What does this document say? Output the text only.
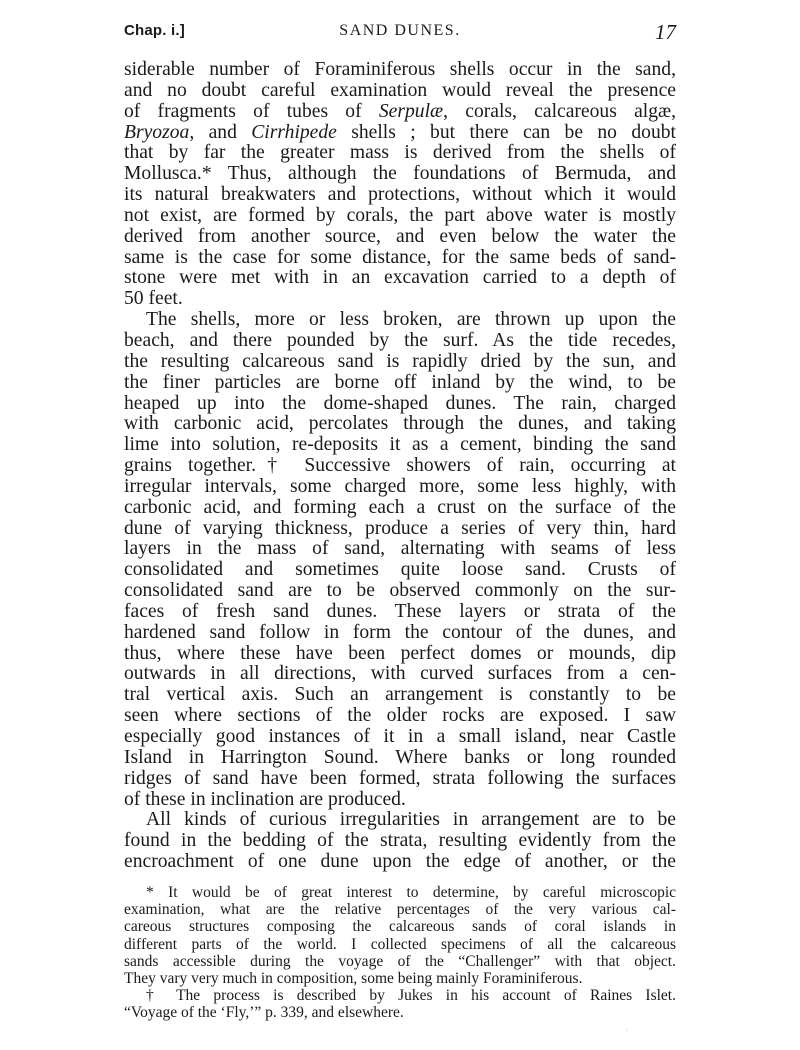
Chap. i.]	SAND DUNES.	17
siderable number of Foraminiferous shells occur in the sand,
and no doubt careful examination would reveal the presence
of fragments of tubes of Serpulæ, corals, calcareous algæ,
Bryozoa, and Cirrhipede shells ; but there can be no doubt
that by far the greater mass is derived from the shells of
Mollusca.* Thus, although the foundations of Bermuda, and
its natural breakwaters and protections, without which it would
not exist, are formed by corals, the part above water is mostly
derived from another source, and even below the water the
same is the case for some distance, for the same beds of sand-
stone were met with in an excavation carried to a depth of
50 feet.
The shells, more or less broken, are thrown up upon the
beach, and there pounded by the surf. As the tide recedes,
the resulting calcareous sand is rapidly dried by the sun, and
the finer particles are borne off inland by the wind, to be
heaped up into the dome-shaped dunes. The rain, charged
with carbonic acid, percolates through the dunes, and taking
lime into solution, re-deposits it as a cement, binding the sand
grains together.† Successive showers of rain, occurring at
irregular intervals, some charged more, some less highly, with
carbonic acid, and forming each a crust on the surface of the
dune of varying thickness, produce a series of very thin, hard
layers in the mass of sand, alternating with seams of less
consolidated and sometimes quite loose sand. Crusts of
consolidated sand are to be observed commonly on the sur-
faces of fresh sand dunes. These layers or strata of the
hardened sand follow in form the contour of the dunes, and
thus, where these have been perfect domes or mounds, dip
outwards in all directions, with curved surfaces from a cen-
tral vertical axis. Such an arrangement is constantly to be
seen where sections of the older rocks are exposed. I saw
especially good instances of it in a small island, near Castle
Island in Harrington Sound. Where banks or long rounded
ridges of sand have been formed, strata following the surfaces
of these in inclination are produced.
All kinds of curious irregularities in arrangement are to be
found in the bedding of the strata, resulting evidently from the
encroachment of one dune upon the edge of another, or the
* It would be of great interest to determine, by careful microscopic
examination, what are the relative percentages of the very various cal-
careous structures composing the calcareous sands of coral islands in
different parts of the world. I collected specimens of all the calcareous
sands accessible during the voyage of the “Challenger” with that object.
They vary very much in composition, some being mainly Foraminiferous.
† The process is described by Jukes in his account of Raines Islet.
“Voyage of the ‘Fly,’” p. 339, and elsewhere.
˛
